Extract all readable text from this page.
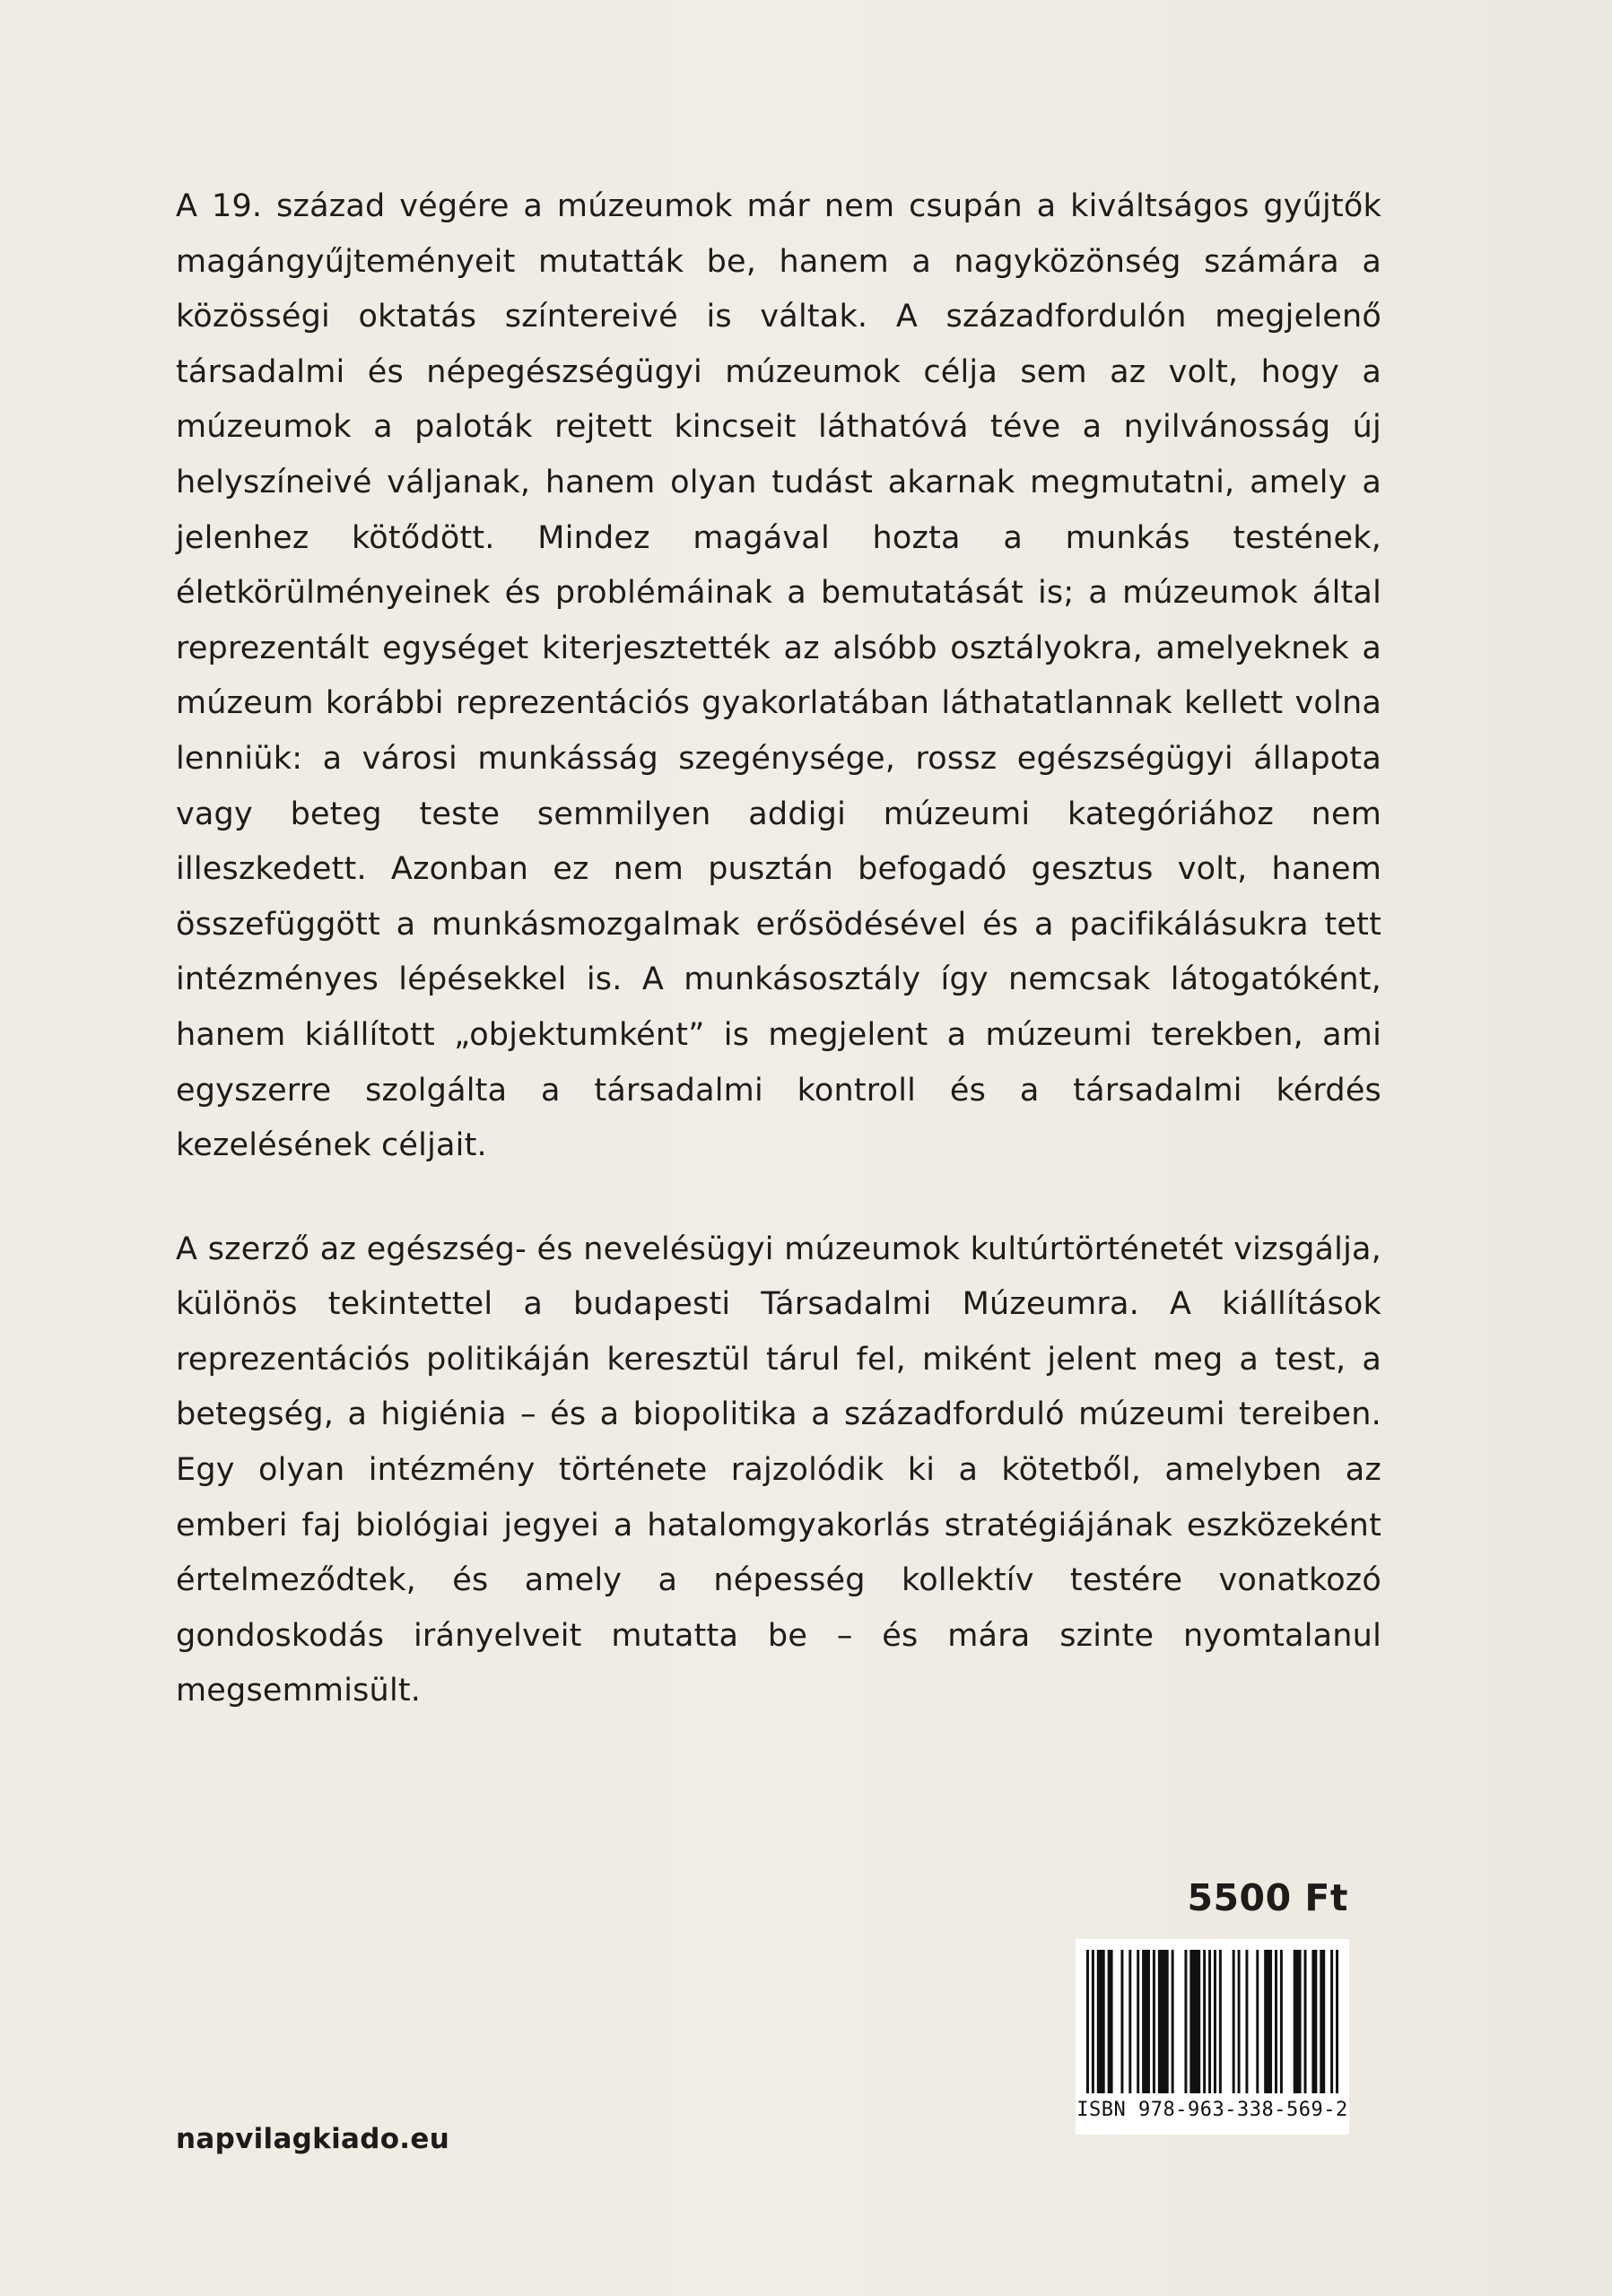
A 19. század végére a múzeumok már nem csupán a kiváltságos gyűjtők magángyűjteményeit mutatták be, hanem a nagyközönség számára a közösségi oktatás színtereivé is váltak. A századfordulón megjelenő társadalmi és népegészségügyi múzeumok célja sem az volt, hogy a múzeumok a paloták rejtett kincseit láthatóvá téve a nyilvánosság új helyszíneivé váljanak, hanem olyan tudást akarnak megmutatni, amely a jelenhez kötődött. Mindez magával hozta a munkás testének, életkörülményeinek és problémáinak a bemutatását is; a múzeumok által reprezentált egységet kiterjesztették az alsóbb osztályokra, amelyeknek a múzeum korábbi reprezentációs gyakorlatában láthatatlannak kellett volna lenniük: a városi munkásság szegénysége, rossz egészségügyi állapota vagy beteg teste semmilyen addigi múzeumi kategóriához nem illeszkedett. Azonban ez nem pusztán befogadó gesztus volt, hanem összefüggött a munkásmozgalmak erősödésével és a pacifikálásukra tett intézményes lépésekkel is. A munkásosztály így nemcsak látogatóként, hanem kiállított „objektumként” is megjelent a múzeumi terekben, ami egyszerre szolgálta a társadalmi kontroll és a társadalmi kérdés kezelésének céljait.

A szerző az egészség- és nevelésügyi múzeumok kultúrtörténetét vizsgálja, különös tekintettel a budapesti Társadalmi Múzeumra. A kiállítások reprezentációs politikáján keresztül tárul fel, miként jelent meg a test, a betegség, a higiénia – és a biopolitika a századforduló múzeumi tereiben. Egy olyan intézmény története rajzolódik ki a kötetből, amelyben az emberi faj biológiai jegyei a hatalomgyakorlás stratégiájának eszközeként értelmeződtek, és amely a népesség kollektív testére vonatkozó gondoskodás irányelveit mutatta be – és mára szinte nyomtalanul megsemmisült.

5500 Ft
ISBN 978-963-338-569-2
napvilagkiado.eu
